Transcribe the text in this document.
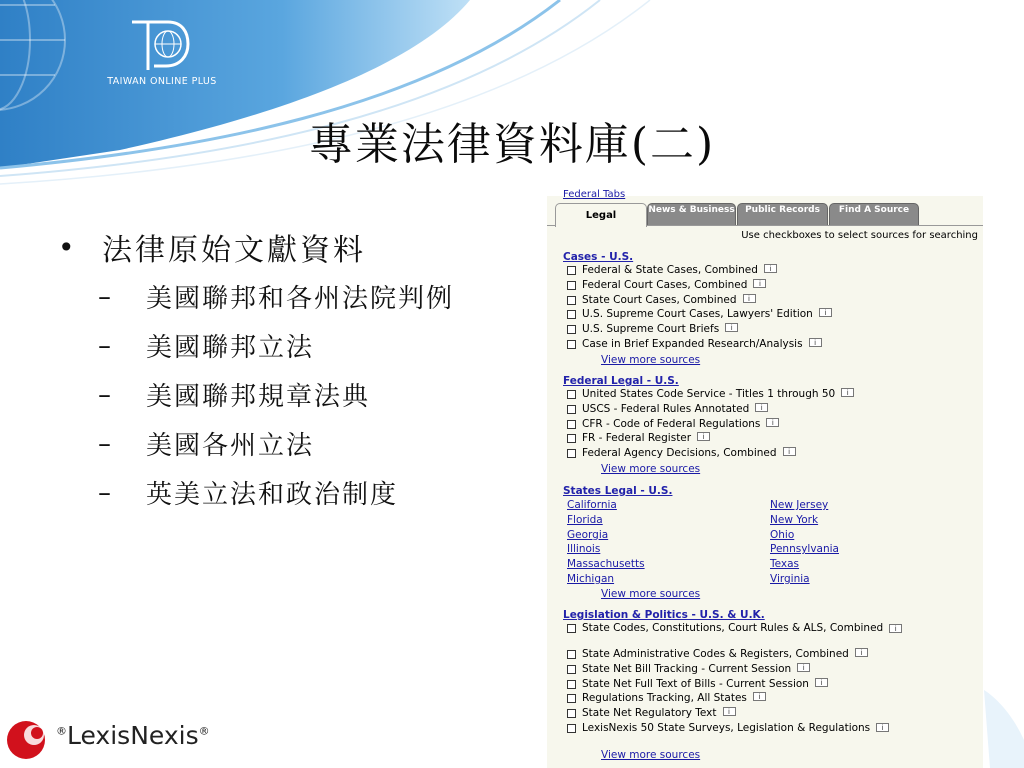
TAIWAN ONLINE PLUS
專業法律資料庫(二)
• 法律原始文獻資料
–	美國聯邦和各州法院判例
–	美國聯邦立法
–	美國聯邦規章法典
–	美國各州立法
–	英美立法和政治制度
®LexisNexis®
Federal Tabs
Legal	News & Business	Public Records	Find A Source
Use checkboxes to select sources for searching
Cases - U.S.
Federal & State Cases, Combined	i
Federal Court Cases, Combined	i
State Court Cases, Combined	i
U.S. Supreme Court Cases, Lawyers' Edition	i
U.S. Supreme Court Briefs	i
Case in Brief Expanded Research/Analysis	i
View more sources
Federal Legal - U.S.
United States Code Service - Titles 1 through 50	i
USCS - Federal Rules Annotated	i
CFR - Code of Federal Regulations	i
FR - Federal Register	i
Federal Agency Decisions, Combined	i
View more sources
States Legal - U.S.
California	New Jersey
Florida	New York
Georgia	Ohio
Illinois	Pennsylvania
Massachusetts	Texas
Michigan	Virginia
View more sources
Legislation & Politics - U.S. & U.K.
State Codes, Constitutions, Court Rules & ALS, Combined i
State Administrative Codes & Registers, Combined	i
State Net Bill Tracking - Current Session	i
State Net Full Text of Bills - Current Session	i
Regulations Tracking, All States	i
State Net Regulatory Text	i
LexisNexis 50 State Surveys, Legislation & Regulations i
View more sources
